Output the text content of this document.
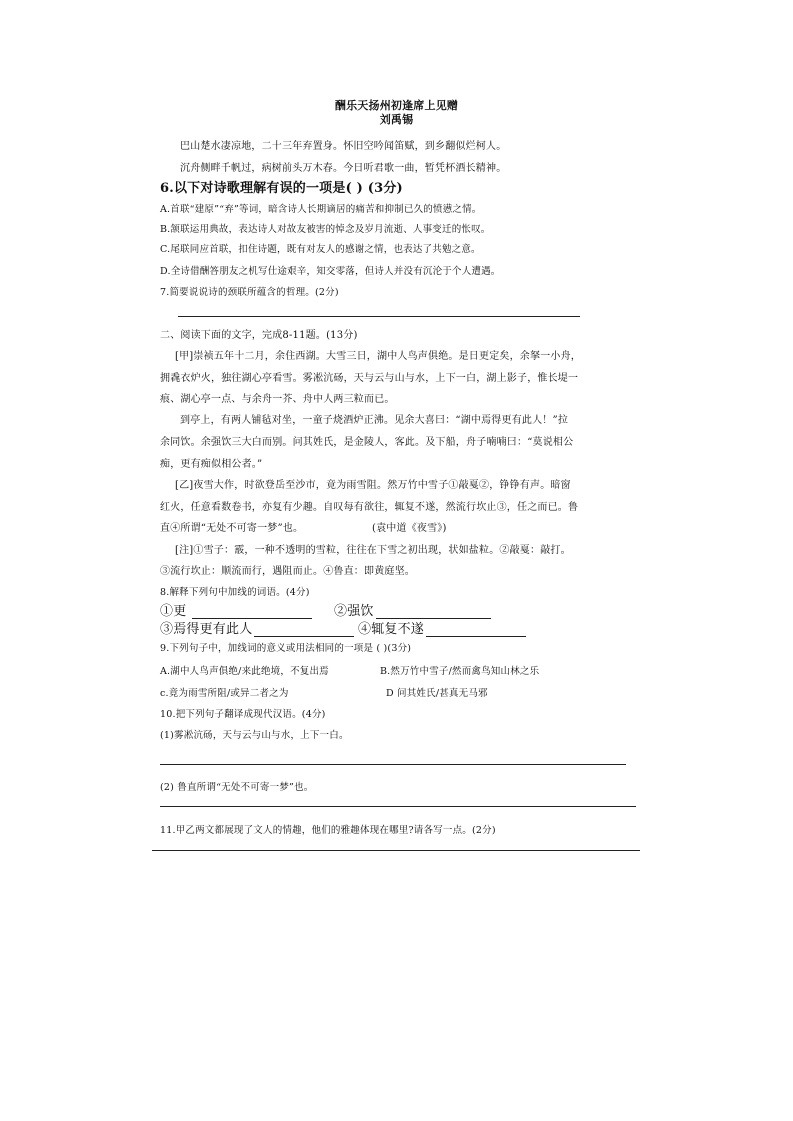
酬乐天扬州初逢席上见赠
刘禹锡
巴山楚水凄凉地，二十三年弃置身。怀旧空吟闻笛赋，到乡翻似烂柯人。
沉舟侧畔千帆过，病树前头万木春。今日听君歌一曲，暂凭杯酒长精神。
6.以下对诗歌理解有误的一项是( ) (3分)
A.首联“建原”“弃”等词，暗含诗人长期谪居的痛苦和抑制已久的愤懑之情。
B.颔联运用典故，表达诗人对故友被害的悼念及岁月流逝、人事变迁的怅叹。
C.尾联同应首联，扣住诗题，既有对友人的感谢之情，也表达了共勉之意。
D.全诗借酬答朋友之机写仕途艰辛，知交零落，但诗人并没有沉沦于个人遭遇。
7.简要说说诗的颈联所蕴含的哲理。(2分)
二、阅读下面的文字，完成8-11题。(13分)
[甲]崇祯五年十二月，余住西湖。大雪三日，湖中人鸟声俱绝。是日更定矣，余拏一小舟，
拥毳衣炉火，独往湖心亭看雪。雾凇沆砀，天与云与山与水，上下一白，湖上影子，惟长堤一
痕、湖心亭一点、与余舟一芥、舟中人两三粒而已。
到亭上，有两人铺毡对坐，一童子烧酒炉正沸。见余大喜曰：“湖中焉得更有此人！”拉
余同饮。余强饮三大白而别。问其姓氏，是金陵人，客此。及下船，舟子喃喃曰：“莫说相公
痴，更有痴似相公者。”
[乙]夜雪大作，时欲登岳至沙市，竟为雨雪阻。然万竹中雪子①敲戛②，铮铮有声。暗窗
红火，任意看数卷书，亦复有少趣。自叹每有欲往，辄复不遂，然流行坎止③，任之而已。鲁
直④所谓“无处不可寄一梦”也。	(袁中道《夜雪》)
[注]①雪子：霰，一种不透明的雪粒，往往在下雪之初出现，状如盐粒。②敲戛：敲打。
③流行坎止：顺流而行，遇阻而止。④鲁直：即黄庭坚。
8.解释下列句中加线的词语。(4分)
①更	②强饮
③焉得更有此人	④辄复不遂
9.下列句子中，加线词的意义或用法相同的一项是 ( )(3分)
A.湖中人鸟声俱绝/来此绝境，不复出焉	B.然万竹中雪子/然而禽鸟知山林之乐
c.竟为雨雪所阻/或异二者之为	D 问其姓氏/甚真无马邪
10.把下列句子翻译成现代汉语。(4分)
(1)雾凇沆砀，天与云与山与水，上下一白。
(2) 鲁直所谓“无处不可寄一梦”也。
11.甲乙两文都展现了文人的情趣，他们的雅趣体现在哪里?请各写一点。(2分)
